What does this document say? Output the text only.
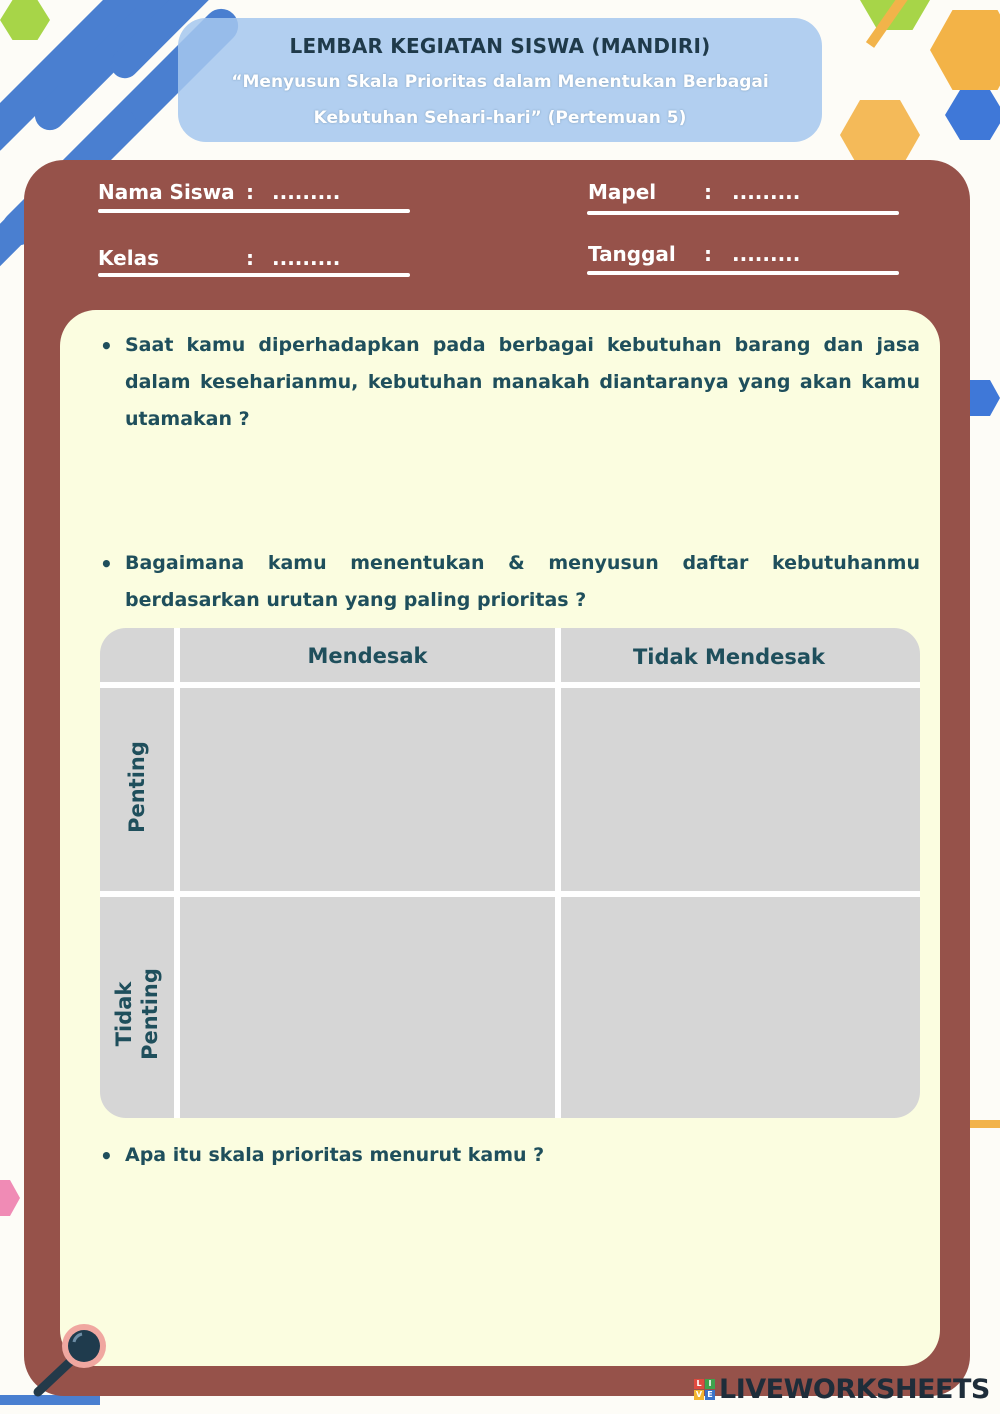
LEMBAR KEGIATAN SISWA (MANDIRI)
“Menyusun Skala Prioritas dalam Menentukan Berbagai Kebutuhan Sehari-hari” (Pertemuan 5)
Nama Siswa : .........
Kelas	: .........
Mapel : .........
Tanggal : .........
• Saat kamu diperhadapkan pada berbagai kebutuhan barang dan jasa dalam keseharianmu, kebutuhan manakah diantaranya yang akan kamu utamakan ?
• Bagaimana kamu menentukan & menyusun daftar kebutuhanmu berdasarkan urutan yang paling prioritas ?
Mendesak	Tidak Mendesak
Penting
Tidak Penting
• Apa itu skala prioritas menurut kamu ?
L I
V E LIVEWORKSHEETS
